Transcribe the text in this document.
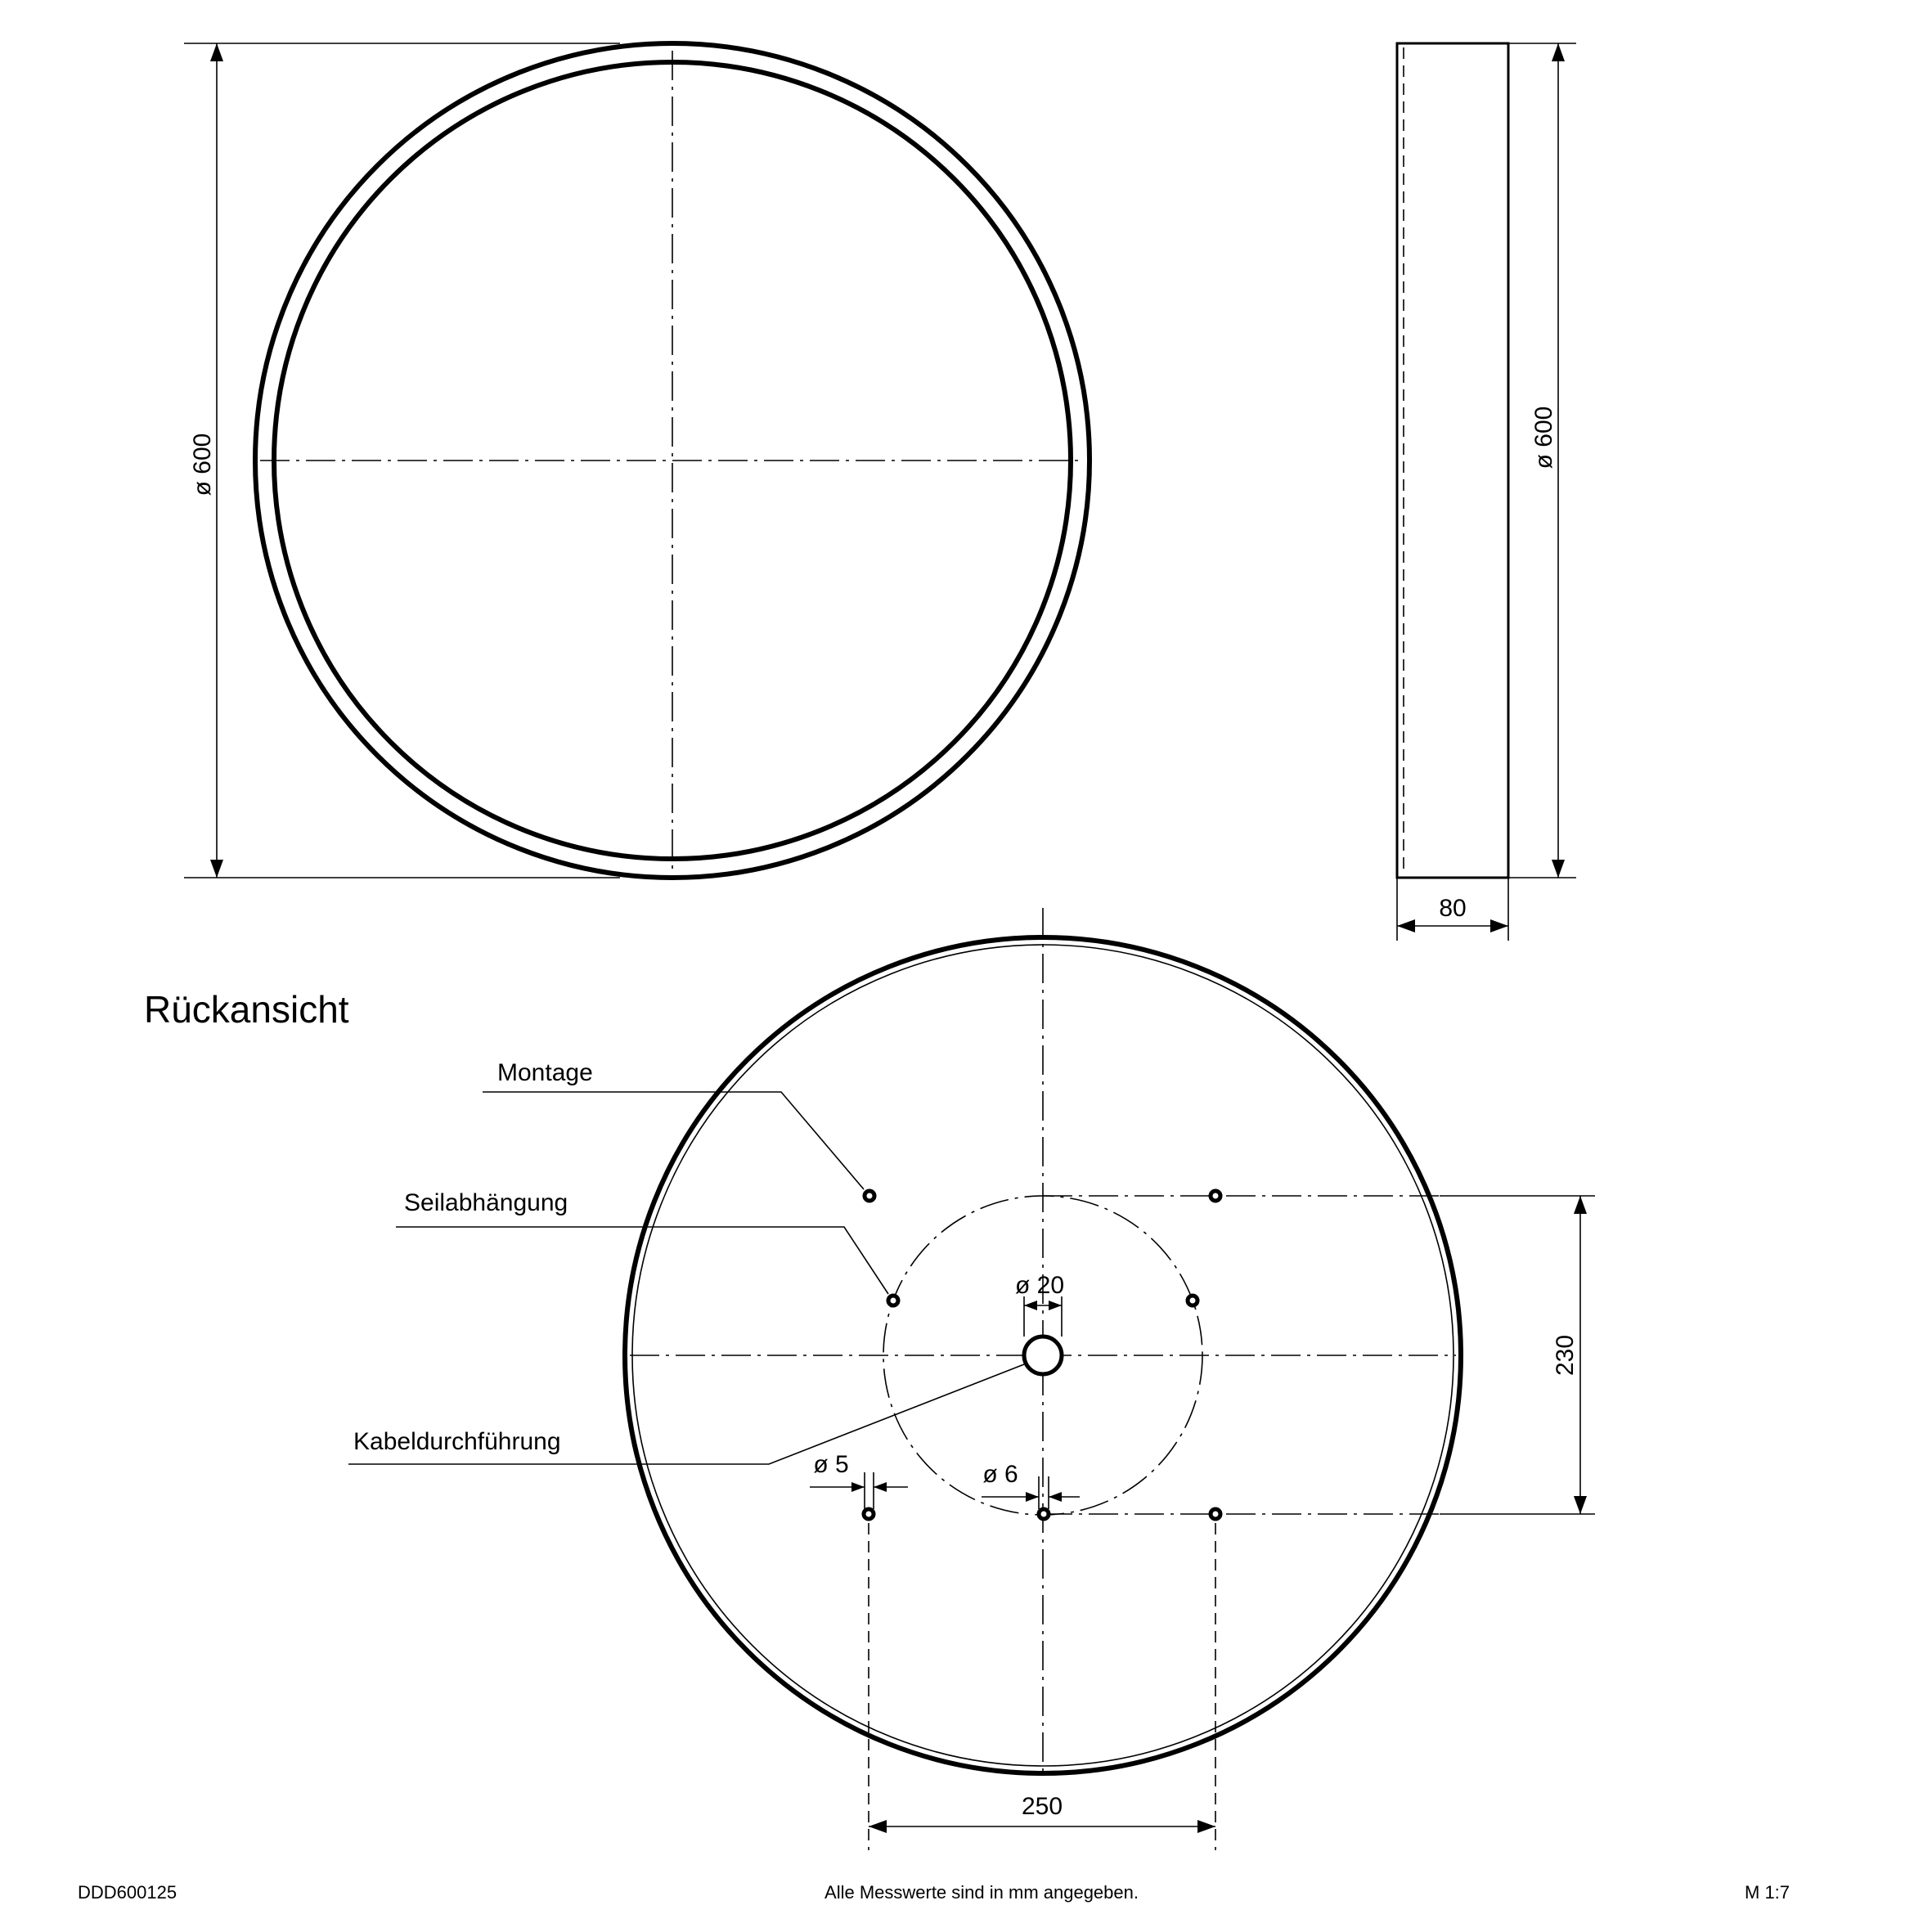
ø 600	ø 600
80
Rückansicht
Montage
Seilabhängung
Kabeldurchführung
ø 20
ø 5	ø 6
230
250
DDD600125	Alle Messwerte sind in mm angegeben.	M 1:7
